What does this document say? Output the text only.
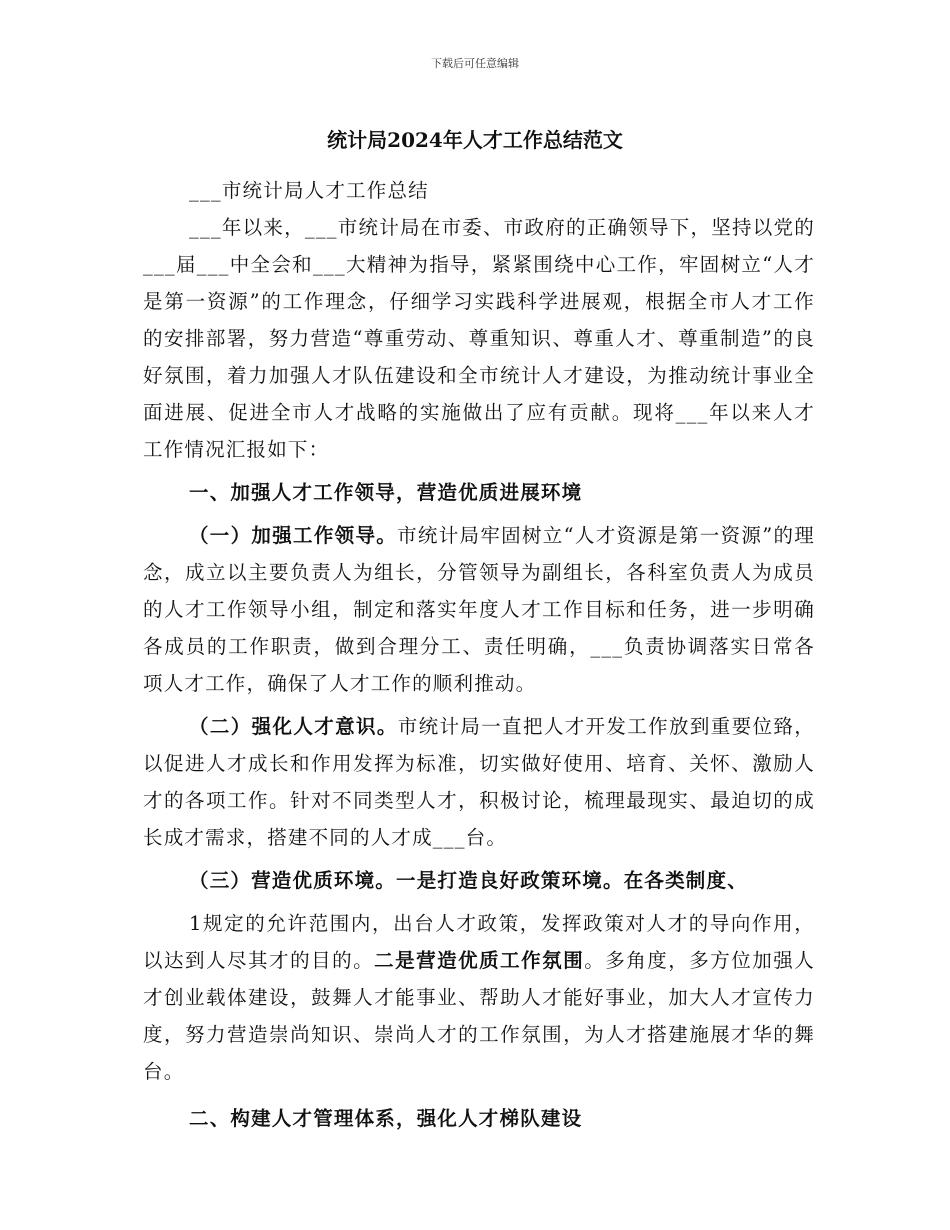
下载后可任意编辑
统计局2024年人才工作总结范文

___市统计局人才工作总结

___年以来，___市统计局在市委、市政府的正确领导下，坚持以党的___届___中全会和___大精神为指导，紧紧围绕中心工作，牢固树立“人才是第一资源”的工作理念，仔细学习实践科学进展观，根据全市人才工作的安排部署，努力营造“尊重劳动、尊重知识、尊重人才、尊重制造”的良好氛围，着力加强人才队伍建设和全市统计人才建设，为推动统计事业全面进展、促进全市人才战略的实施做出了应有贡献。现将___年以来人才工作情况汇报如下：

一、加强人才工作领导，营造优质进展环境

（一）加强工作领导。市统计局牢固树立“人才资源是第一资源”的理念，成立以主要负责人为组长，分管领导为副组长，各科室负责人为成员的人才工作领导小组，制定和落实年度人才工作目标和任务，进一步明确各成员的工作职责，做到合理分工、责任明确，___负责协调落实日常各项人才工作，确保了人才工作的顺利推动。

（二）强化人才意识。市统计局一直把人才开发工作放到重要位臵，以促进人才成长和作用发挥为标准，切实做好使用、培育、关怀、激励人才的各项工作。针对不同类型人才，积极讨论，梳理最现实、最迫切的成长成才需求，搭建不同的人才成___台。

（三）营造优质环境。一是打造良好政策环境。在各类制度、

1规定的允许范围内，出台人才政策，发挥政策对人才的导向作用，以达到人尽其才的目的。二是营造优质工作氛围。多角度，多方位加强人才创业载体建设，鼓舞人才能事业、帮助人才能好事业，加大人才宣传力度，努力营造崇尚知识、崇尚人才的工作氛围，为人才搭建施展才华的舞台。

二、构建人才管理体系，强化人才梯队建设
